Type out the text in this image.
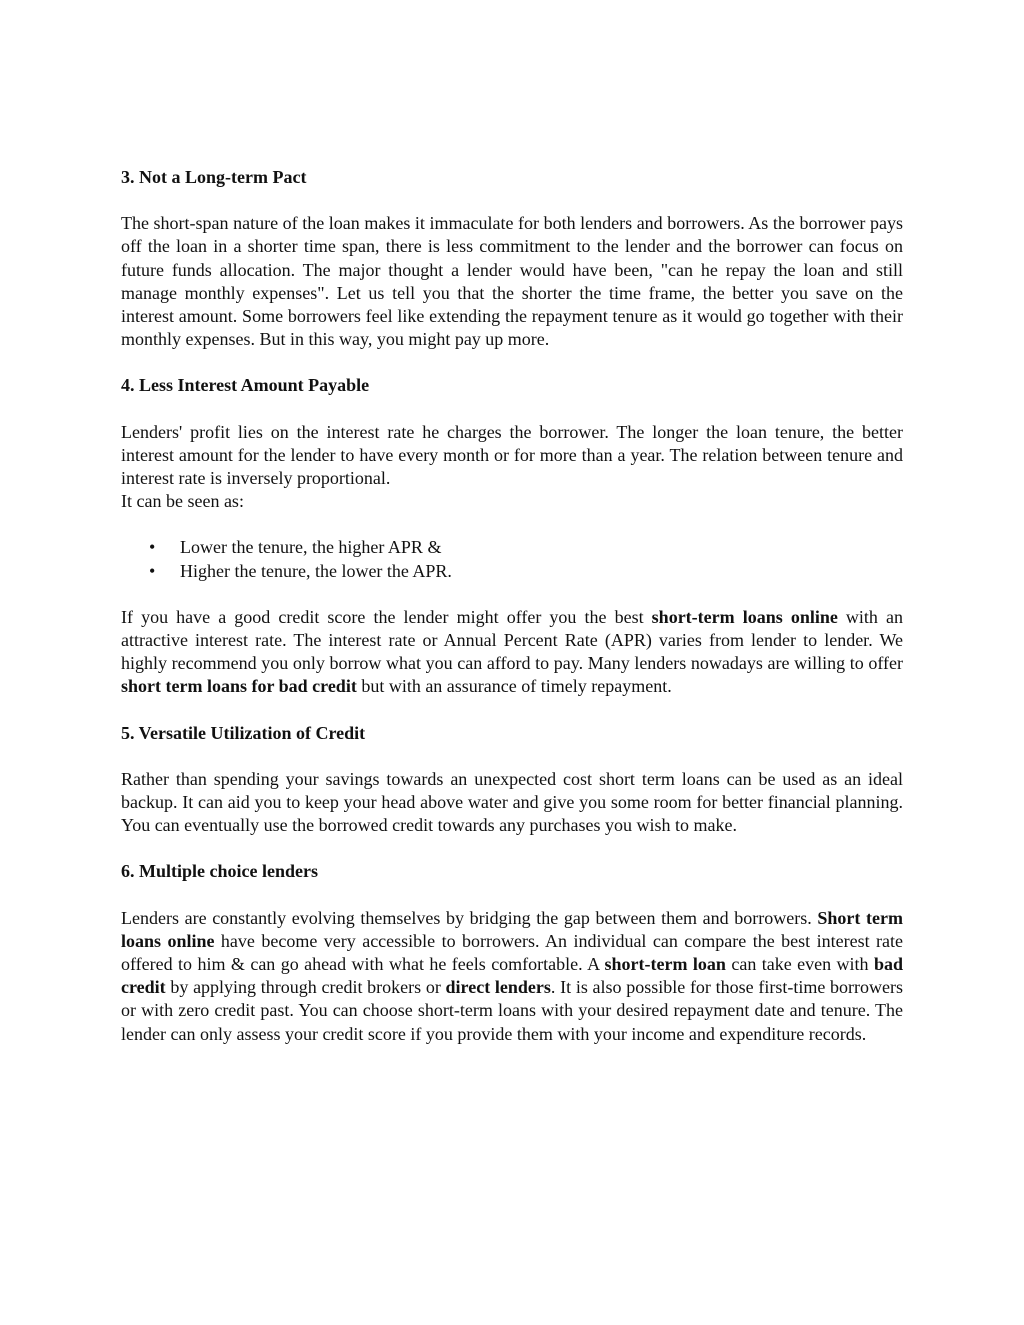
3. Not a Long-term Pact
The short-span nature of the loan makes it immaculate for both lenders and borrowers. As the borrower pays off the loan in a shorter time span, there is less commitment to the lender and the borrower can focus on future funds allocation. The major thought a lender would have been, "can he repay the loan and still manage monthly expenses". Let us tell you that the shorter the time frame, the better you save on the interest amount. Some borrowers feel like extending the repayment tenure as it would go together with their monthly expenses. But in this way, you might pay up more.
4. Less Interest Amount Payable
Lenders' profit lies on the interest rate he charges the borrower. The longer the loan tenure, the better interest amount for the lender to have every month or for more than a year. The relation between tenure and interest rate is inversely proportional.
It can be seen as:
• Lower the tenure, the higher APR &
• Higher the tenure, the lower the APR.
If you have a good credit score the lender might offer you the best short-term loans online with an attractive interest rate. The interest rate or Annual Percent Rate (APR) varies from lender to lender. We highly recommend you only borrow what you can afford to pay. Many lenders nowadays are willing to offer short term loans for bad credit but with an assurance of timely repayment.
5. Versatile Utilization of Credit
Rather than spending your savings towards an unexpected cost short term loans can be used as an ideal backup. It can aid you to keep your head above water and give you some room for better financial planning. You can eventually use the borrowed credit towards any purchases you wish to make.
6. Multiple choice lenders
Lenders are constantly evolving themselves by bridging the gap between them and borrowers. Short term loans online have become very accessible to borrowers. An individual can compare the best interest rate offered to him & can go ahead with what he feels comfortable. A short-term loan can take even with bad credit by applying through credit brokers or direct lenders. It is also possible for those first-time borrowers or with zero credit past. You can choose short-term loans with your desired repayment date and tenure. The lender can only assess your credit score if you provide them with your income and expenditure records.
